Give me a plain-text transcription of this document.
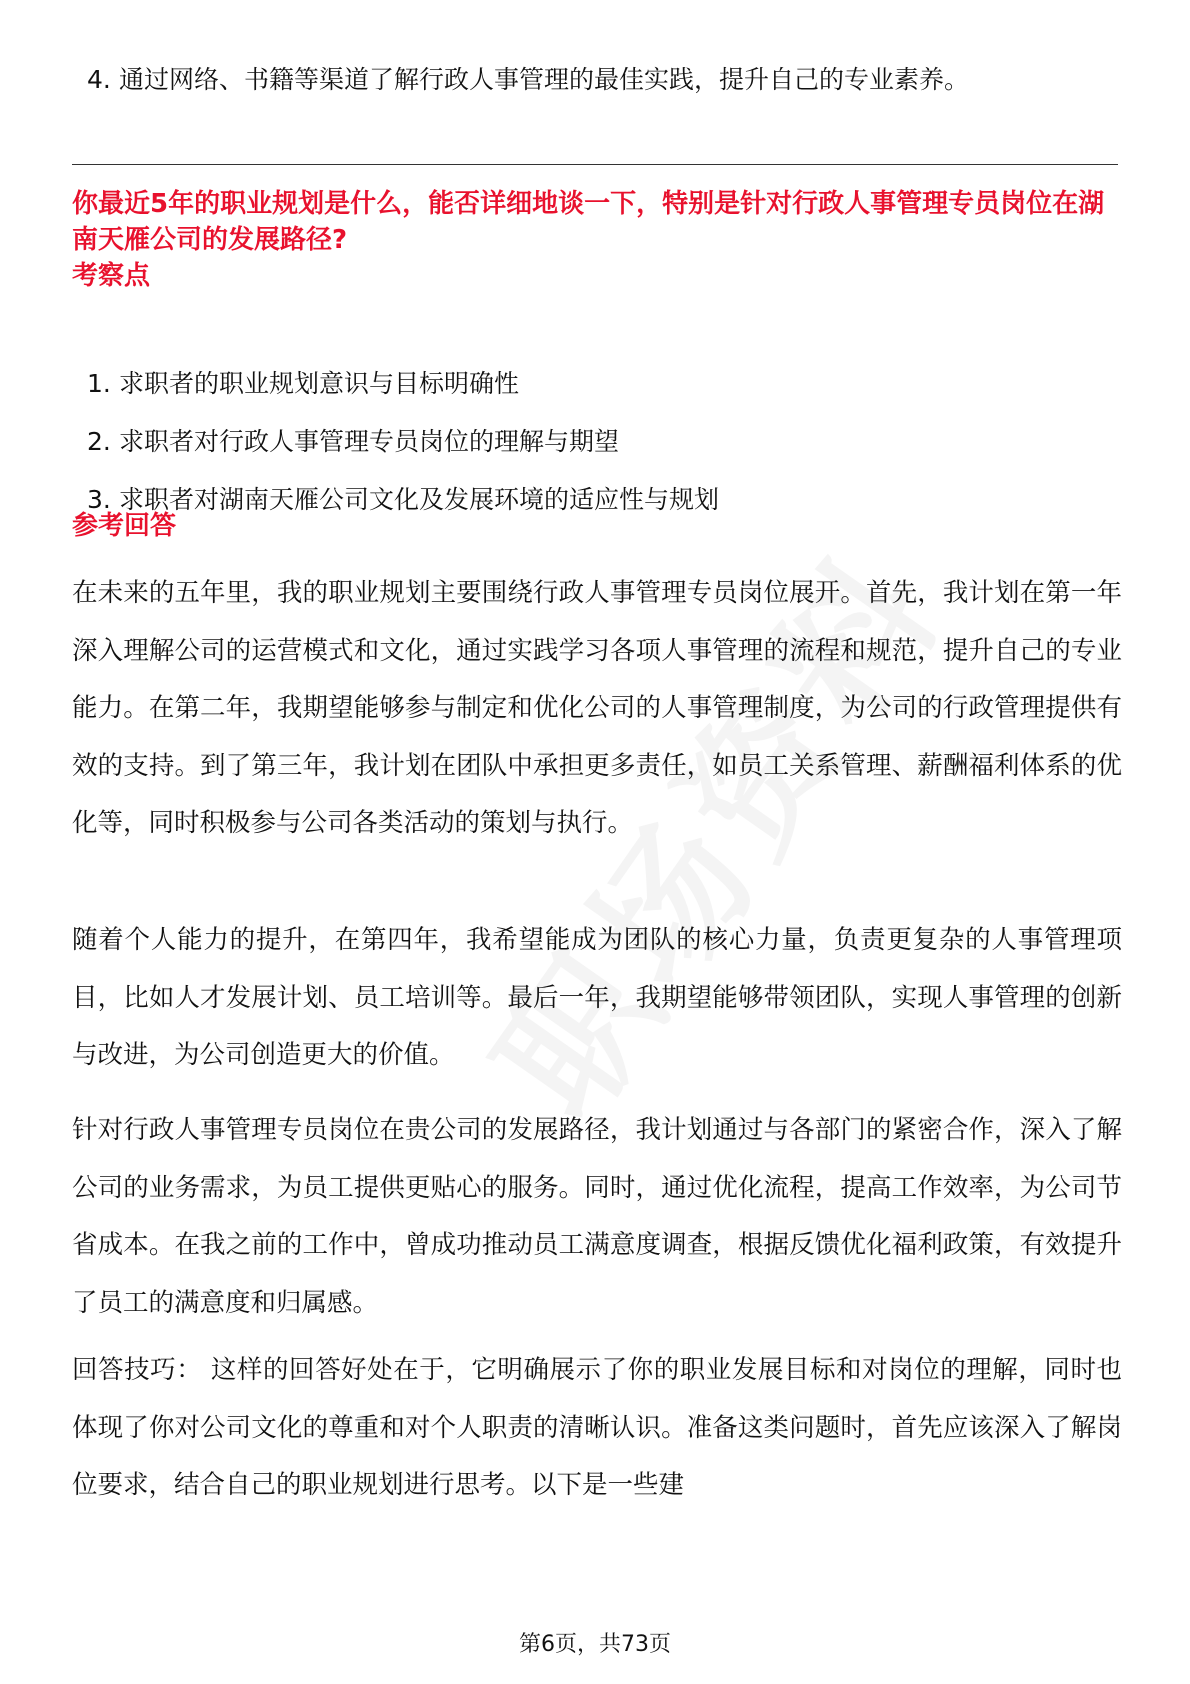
4. 通过网络、书籍等渠道了解行政人事管理的最佳实践，提升自己的专业素养。
你最近5年的职业规划是什么，能否详细地谈一下，特别是针对行政人事管理专员岗位在湖南天雁公司的发展路径?
考察点
1. 求职者的职业规划意识与目标明确性
2. 求职者对行政人事管理专员岗位的理解与期望
3. 求职者对湖南天雁公司文化及发展环境的适应性与规划
参考回答

在未来的五年里，我的职业规划主要围绕行政人事管理专员岗位展开。首先，我计划在第一年深入理解公司的运营模式和文化，通过实践学习各项人事管理的流程和规范，提升自己的专业能力。在第二年，我期望能够参与制定和优化公司的人事管理制度，为公司的行政管理提供有效的支持。到了第三年，我计划在团队中承担更多责任，如员工关系管理、薪酬福利体系的优化等，同时积极参与公司各类活动的策划与执行。

随着个人能力的提升，在第四年，我希望能成为团队的核心力量，负责更复杂的人事管理项目，比如人才发展计划、员工培训等。最后一年，我期望能够带领团队，实现人事管理的创新与改进，为公司创造更大的价值。

针对行政人事管理专员岗位在贵公司的发展路径，我计划通过与各部门的紧密合作，深入了解公司的业务需求，为员工提供更贴心的服务。同时，通过优化流程，提高工作效率，为公司节省成本。在我之前的工作中，曾成功推动员工满意度调查，根据反馈优化福利政策，有效提升了员工的满意度和归属感。

回答技巧： 这样的回答好处在于，它明确展示了你的职业发展目标和对岗位的理解，同时也体现了你对公司文化的尊重和对个人职责的清晰认识。准备这类问题时，首先应该深入了解岗位要求，结合自己的职业规划进行思考。以下是一些建

第6页，共73页
